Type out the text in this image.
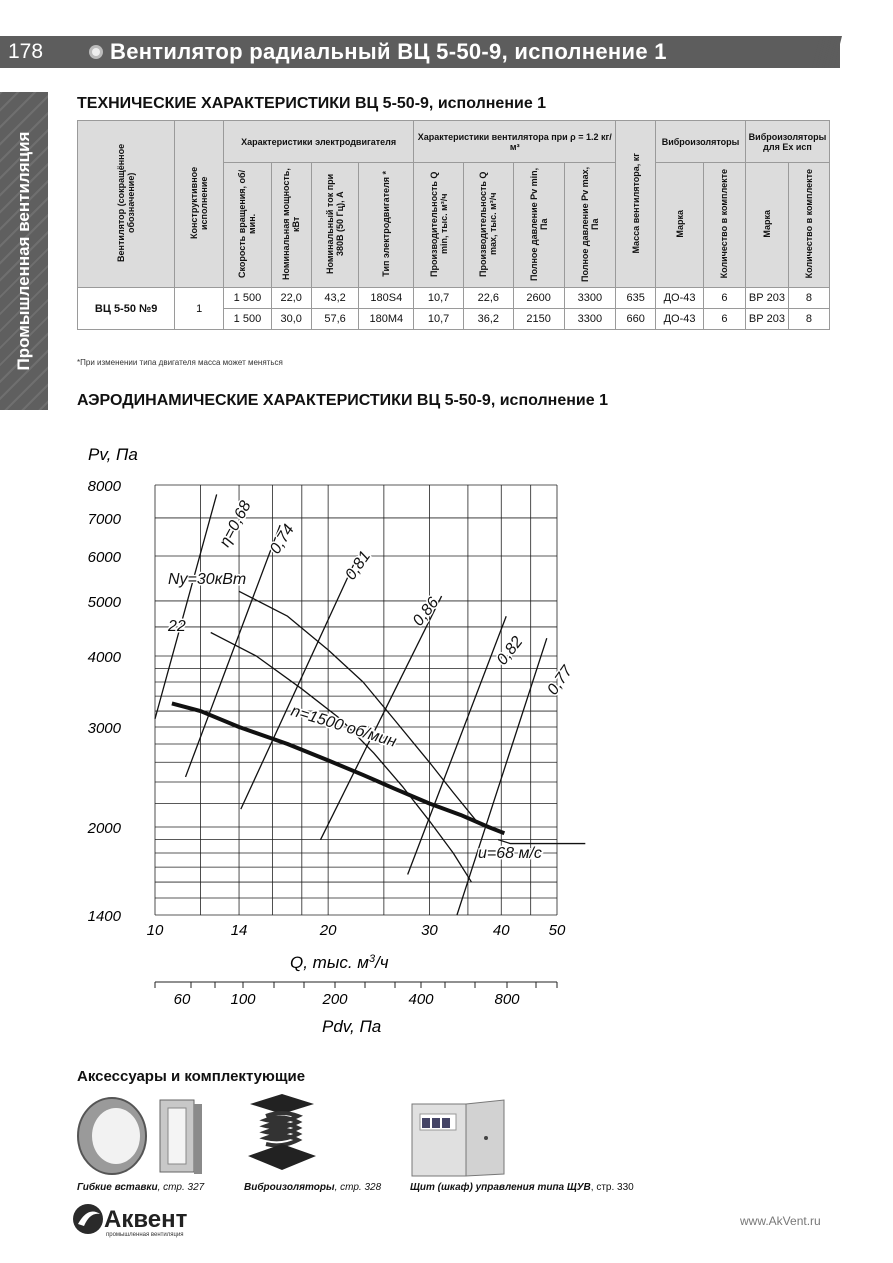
178	Вентилятор радиальный ВЦ 5-50-9, исполнение 1
Промышленная вентиляция
ТЕХНИЧЕСКИЕ ХАРАКТЕРИСТИКИ ВЦ 5-50-9, исполнение 1
Вентилятор (сокращённое обозначение)	Конструктивное исполнение	Характеристики электродвигателя				Характеристики вентилятора при ρ = 1.2 кг/м³				Масса вентилятора, кг	Виброизоляторы		Виброизоляторы для Ех исп	
		Скорость вращения, об/мин.	Номинальная мощность, кВт	Номинальный ток при 380В (50 Гц), А	Тип электродвигателя *	Производительность Q min, тыс. м³/ч	Производительность Q max, тыс. м³/ч	Полное давление Pv min, Па	Полное давление Pv max, Па		Марка	Количество в комплекте	Марка	Количество в комплекте
ВЦ 5-50 №9	1	1 500	22,0	43,2	180S4	10,7	22,6	2600	3300	635	ДО-43	6	ВР 203	8
		1 500	30,0	57,6	180M4	10,7	36,2	2150	3300	660	ДО-43	6	ВР 203	8
*При изменении типа двигателя масса может меняться
АЭРОДИНАМИЧЕСКИЕ ХАРАКТЕРИСТИКИ ВЦ 5-50-9, исполнение 1
1400
2000
3000
4000
5000
6000
7000
8000
10	14	20	30	40	50
60	100	200	400	800
Ny=30кВт
22
n=1500 об/мин
η=0,68 0,74
0,81
0,86
0,82
0,77
u=68 м/с
Pv, Па
Q, тыс. $м^3/ч$
Pdv, Па
Аксессуары и комплектующие
Гибкие вставки, стр. 327	Виброизоляторы, стр. 328	Щит (шкаф) управления типа ЩУВ, стр. 330
Аквент
промышленная вентиляция
www.AkVent.ru
